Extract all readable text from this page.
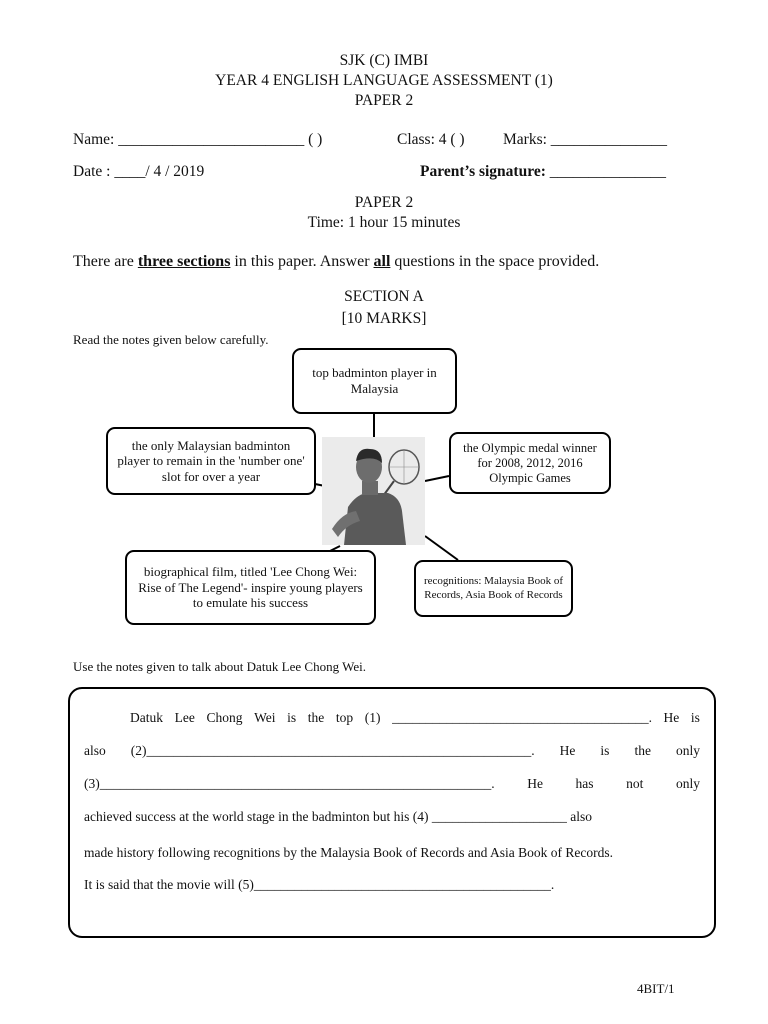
SJK (C) IMBI
YEAR 4 ENGLISH LANGUAGE ASSESSMENT (1)
PAPER 2
Name: ________________________ ( )	Class: 4 ( ) Marks: _______________
Date : ____/ 4 / 2019	Parent’s signature: _______________
PAPER 2
Time: 1 hour 15 minutes
There are three sections in this paper. Answer all questions in the space provided.
SECTION A
[10 MARKS]
Read the notes given below carefully.
top badminton player in Malaysia
the only Malaysian badminton player to remain in the 'number one' slot for over a year
the Olympic medal winner for 2008, 2012, 2016 Olympic Games
biographical film, titled 'Lee Chong Wei: Rise of The Legend'- inspire young players to emulate his success
recognitions: Malaysia Book of Records, Asia Book of Records
Use the notes given to talk about Datuk Lee Chong Wei.
Datuk Lee Chong Wei is the top (1) ______________________________________. He is
also (2)_________________________________________________________. He is the only
(3)__________________________________________________________. He has not only
achieved success at the world stage in the badminton but his (4) ____________________ also
made history following recognitions by the Malaysia Book of Records and Asia Book of Records.
It is said that the movie will (5)____________________________________________.
4BIT/1
